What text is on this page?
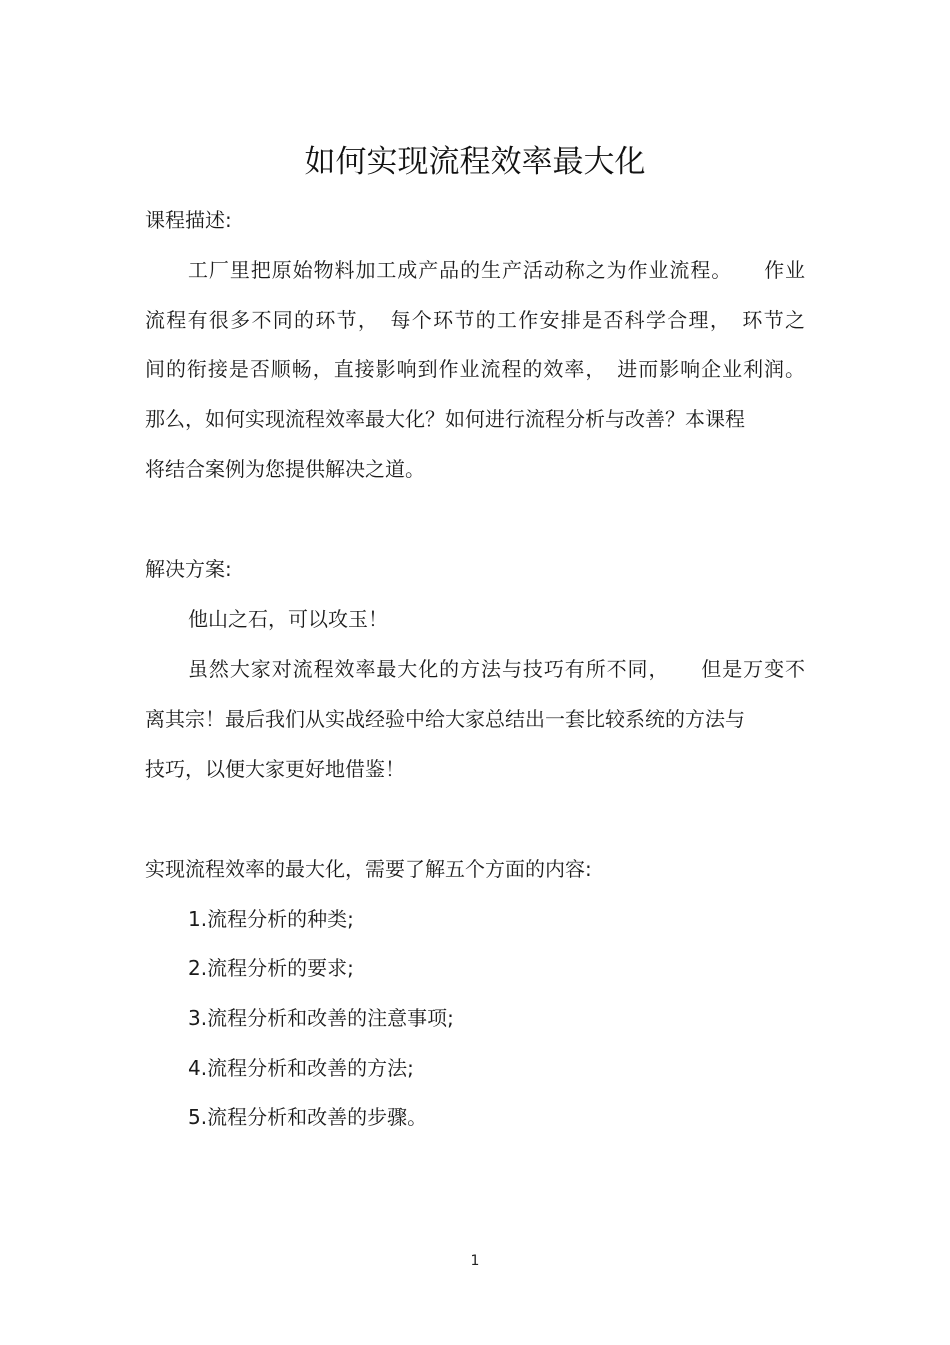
如何实现流程效率最大化

课程描述:

工厂里把原始物料加工成产品的生产活动称之为作业流程。　　作业

流程有很多不同的环节，　每个环节的工作安排是否科学合理，　环节之

间的衔接是否顺畅，直接影响到作业流程的效率，　进而影响企业利润。

那么，如何实现流程效率最大化？如何进行流程分析与改善？本课程

将结合案例为您提供解决之道。

解决方案:

他山之石，可以攻玉！

虽然大家对流程效率最大化的方法与技巧有所不同，　　但是万变不

离其宗！最后我们从实战经验中给大家总结出一套比较系统的方法与

技巧，以便大家更好地借鉴！

实现流程效率的最大化，需要了解五个方面的内容:

1.流程分析的种类;

2.流程分析的要求;

3.流程分析和改善的注意事项;

4.流程分析和改善的方法;

5.流程分析和改善的步骤。

1
